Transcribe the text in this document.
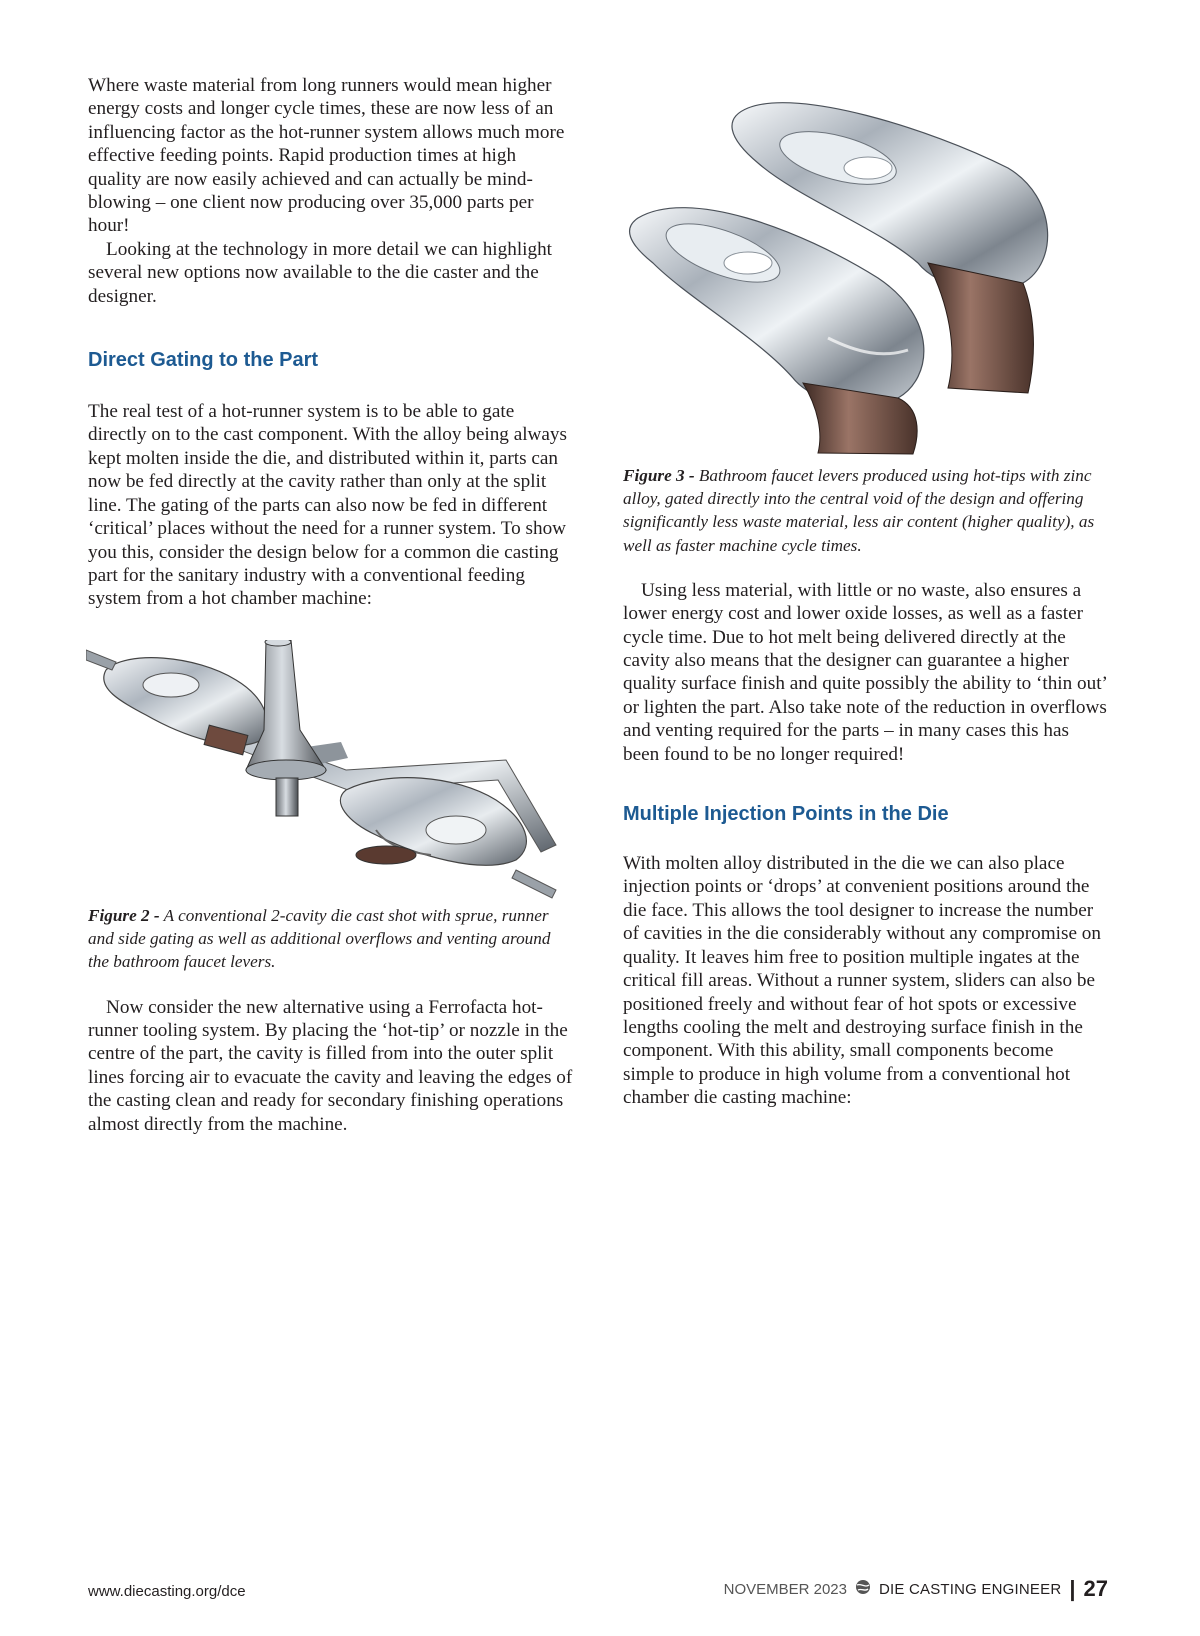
Where waste material from long runners would mean higher energy costs and longer cycle times, these are now less of an influencing factor as the hot-runner system allows much more effective feeding points. Rapid production times at high quality are now easily achieved and can actually be mind-blowing – one client now producing over 35,000 parts per hour!

Looking at the technology in more detail we can highlight several new options now available to the die caster and the designer.

Direct Gating to the Part

The real test of a hot-runner system is to be able to gate directly on to the cast component. With the alloy being always kept molten inside the die, and distributed within it, parts can now be fed directly at the cavity rather than only at the split line. The gating of the parts can also now be fed in different ‘critical’ places without the need for a runner system. To show you this, consider the design below for a common die casting part for the sanitary industry with a conventional feeding system from a hot chamber machine:

Figure 2 - A conventional 2-cavity die cast shot with sprue, runner and side gating as well as additional overflows and venting around the bathroom faucet levers.

Now consider the new alternative using a Ferrofacta hot-runner tooling system. By placing the ‘hot-tip’ or nozzle in the centre of the part, the cavity is filled from into the outer split lines forcing air to evacuate the cavity and leaving the edges of the casting clean and ready for secondary finishing operations almost directly from the machine.

Figure 3 - Bathroom faucet levers produced using hot-tips with zinc alloy, gated directly into the central void of the design and offering significantly less waste material, less air content (higher quality), as well as faster machine cycle times.

Using less material, with little or no waste, also ensures a lower energy cost and lower oxide losses, as well as a faster cycle time. Due to hot melt being delivered directly at the cavity also means that the designer can guarantee a higher quality surface finish and quite possibly the ability to ‘thin out’ or lighten the part. Also take note of the reduction in overflows and venting required for the parts – in many cases this has been found to be no longer required!

Multiple Injection Points in the Die

With molten alloy distributed in the die we can also place injection points or ‘drops’ at convenient positions around the die face. This allows the tool designer to increase the number of cavities in the die considerably without any compromise on quality. It leaves him free to position multiple ingates at the critical fill areas. Without a runner system, sliders can also be positioned freely and without fear of hot spots or excessive lengths cooling the melt and destroying surface finish in the component. With this ability, small components become simple to produce in high volume from a conventional hot chamber die casting machine:

www.diecasting.org/dce	NOVEMBER 2023 DIE CASTING ENGINEER | 27
